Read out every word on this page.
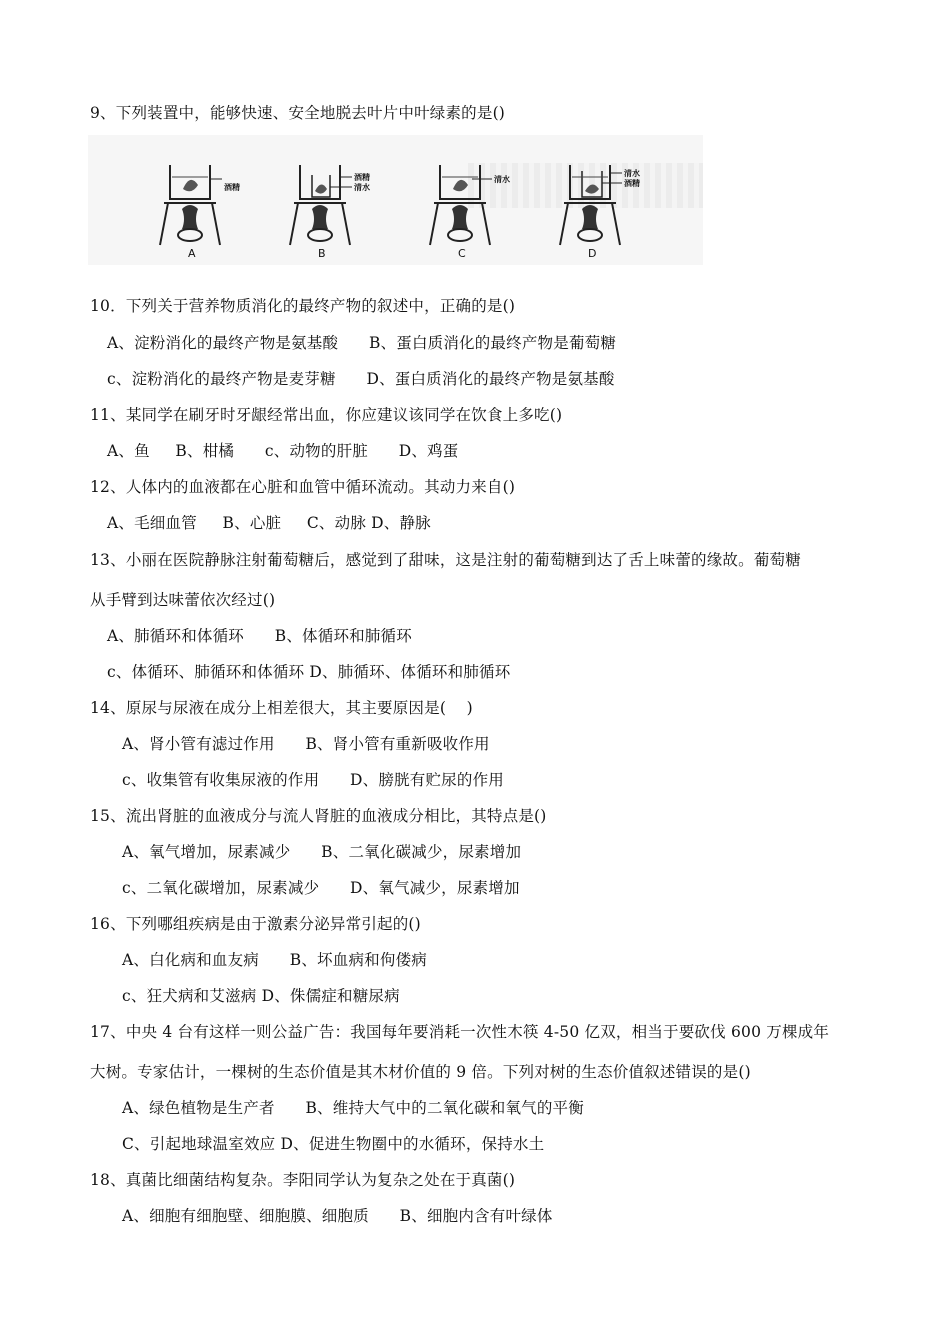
9、下列装置中，能够快速、安全地脱去叶片中叶绿素的是()
酒精
A
酒精
清水
B
清水
C
清水
酒精
D
10．下列关于营养物质消化的最终产物的叙述中，正确的是()
A、淀粉消化的最终产物是氨基酸      B、蛋白质消化的最终产物是葡萄糖
c、淀粉消化的最终产物是麦芽糖      D、蛋白质消化的最终产物是氨基酸
11、某同学在刷牙时牙龈经常出血，你应建议该同学在饮食上多吃()
A、鱼     B、柑橘      c、动物的肝脏      D、鸡蛋
12、人体内的血液都在心脏和血管中循环流动。其动力来自()
A、毛细血管     B、心脏     C、动脉 D、静脉
13、小丽在医院静脉注射葡萄糖后，感觉到了甜味，这是注射的葡萄糖到达了舌上味蕾的缘故。葡萄糖
从手臂到达味蕾依次经过()
A、肺循环和体循环      B、体循环和肺循环
c、体循环、肺循环和体循环 D、肺循环、体循环和肺循环
14、原尿与尿液在成分上相差很大，其主要原因是(    )
A、肾小管有滤过作用      B、肾小管有重新吸收作用
c、收集管有收集尿液的作用      D、膀胱有贮尿的作用
15、流出肾脏的血液成分与流人肾脏的血液成分相比，其特点是()
A、氧气增加，尿素减少      B、二氧化碳减少，尿素增加
c、二氧化碳增加，尿素减少      D、氧气减少，尿素增加
16、下列哪组疾病是由于激素分泌异常引起的()
A、白化病和血友病      B、坏血病和佝偻病
c、狂犬病和艾滋病 D、侏儒症和糖尿病
17、中央 4 台有这样一则公益广告：我国每年要消耗一次性木筷 4-50 亿双，相当于要砍伐 600 万棵成年
大树。专家估计，一棵树的生态价值是其木材价值的 9 倍。下列对树的生态价值叙述错误的是()
A、绿色植物是生产者      B、维持大气中的二氧化碳和氧气的平衡
C、引起地球温室效应 D、促进生物圈中的水循环，保持水土
18、真菌比细菌结构复杂。李阳同学认为复杂之处在于真菌()
A、细胞有细胞壁、细胞膜、细胞质      B、细胞内含有叶绿体
